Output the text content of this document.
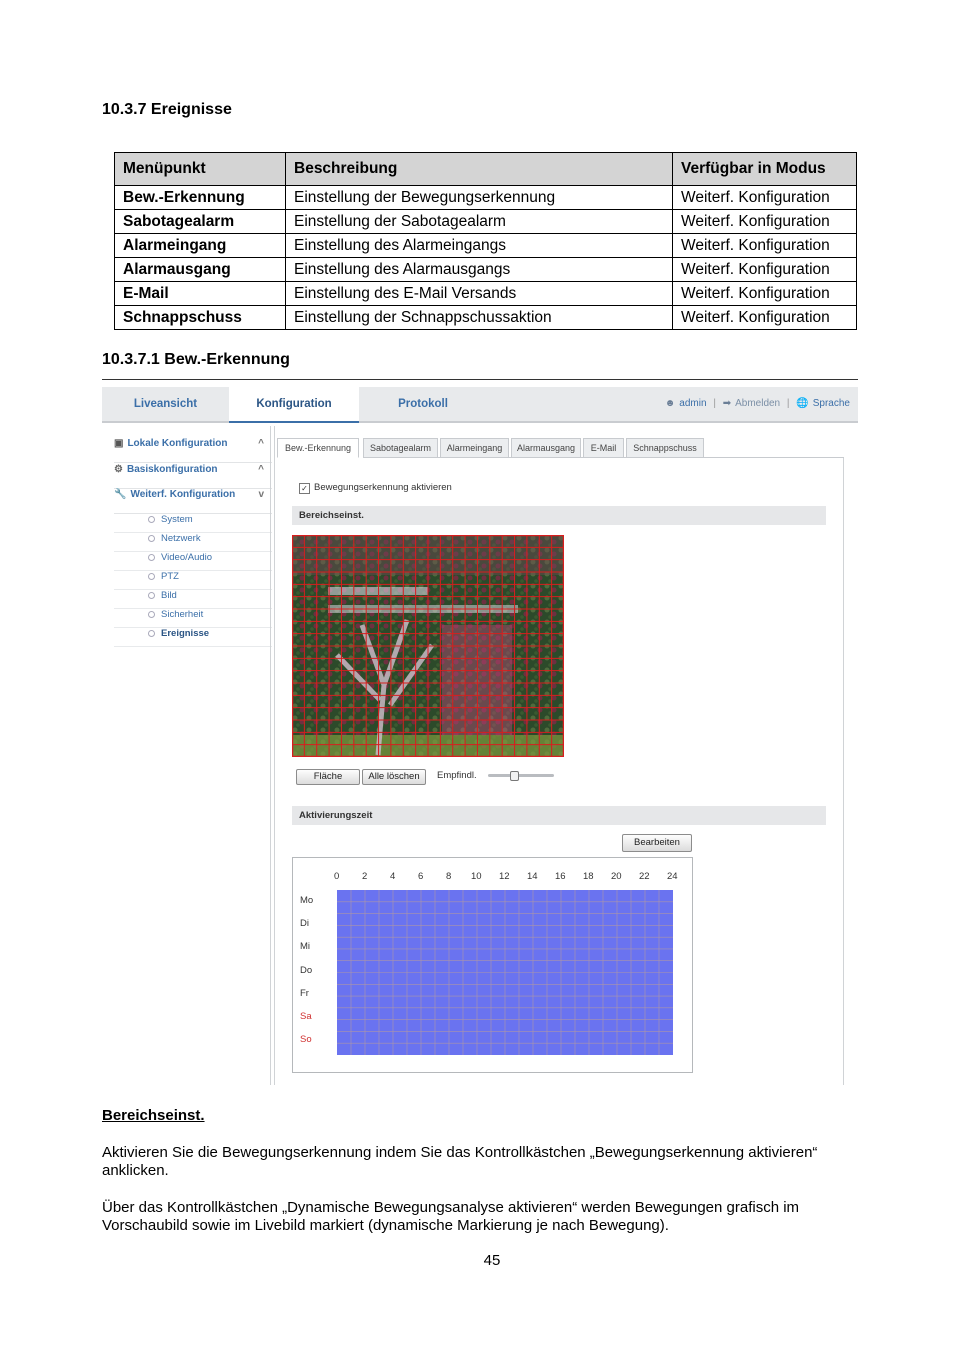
10.3.7 Ereignisse
Menüpunkt	Beschreibung	Verfügbar in Modus
Bew.-Erkennung	Einstellung der Bewegungserkennung	Weiterf. Konfiguration
Sabotagealarm	Einstellung der Sabotagealarm	Weiterf. Konfiguration
Alarmeingang	Einstellung des Alarmeingangs	Weiterf. Konfiguration
Alarmausgang	Einstellung des Alarmausgangs	Weiterf. Konfiguration
E-Mail	Einstellung des E-Mail Versands	Weiterf. Konfiguration
Schnappschuss	Einstellung der Schnappschussaktion	Weiterf. Konfiguration
10.3.7.1 Bew.-Erkennung
Liveansicht	Konfiguration	Protokoll	☻ admin | ➡ Abmelden | 🌐 Sprache
▣ Lokale Konfiguration	^
⚙ Basiskonfiguration	^
🔧 Weiterf. Konfiguration v
System
Netzwerk
Video/Audio
PTZ
Bild
Sicherheit
Ereignisse
Bew.-Erkennung	Sabotagealarm	Alarmeingang	Alarmausgang	E-Mail	Schnappschuss
✓ Bewegungserkennung aktivieren
Bereichseinst.
Fläche	Alle löschen	Empfindl.
Aktivierungszeit
Bearbeiten
0 2 4 6 8 10 12 14 16 18 20 22 24
Mo
Di
Mi
Do
Fr
Sa
So
Bereichseinst.
Aktivieren Sie die Bewegungserkennung indem Sie das Kontrollkästchen „Bewegungserkennung aktivieren“ anklicken.
Über das Kontrollkästchen „Dynamische Bewegungsanalyse aktivieren“ werden Bewegungen grafisch im Vorschaubild sowie im Livebild markiert (dynamische Markierung je nach Bewegung).
45
